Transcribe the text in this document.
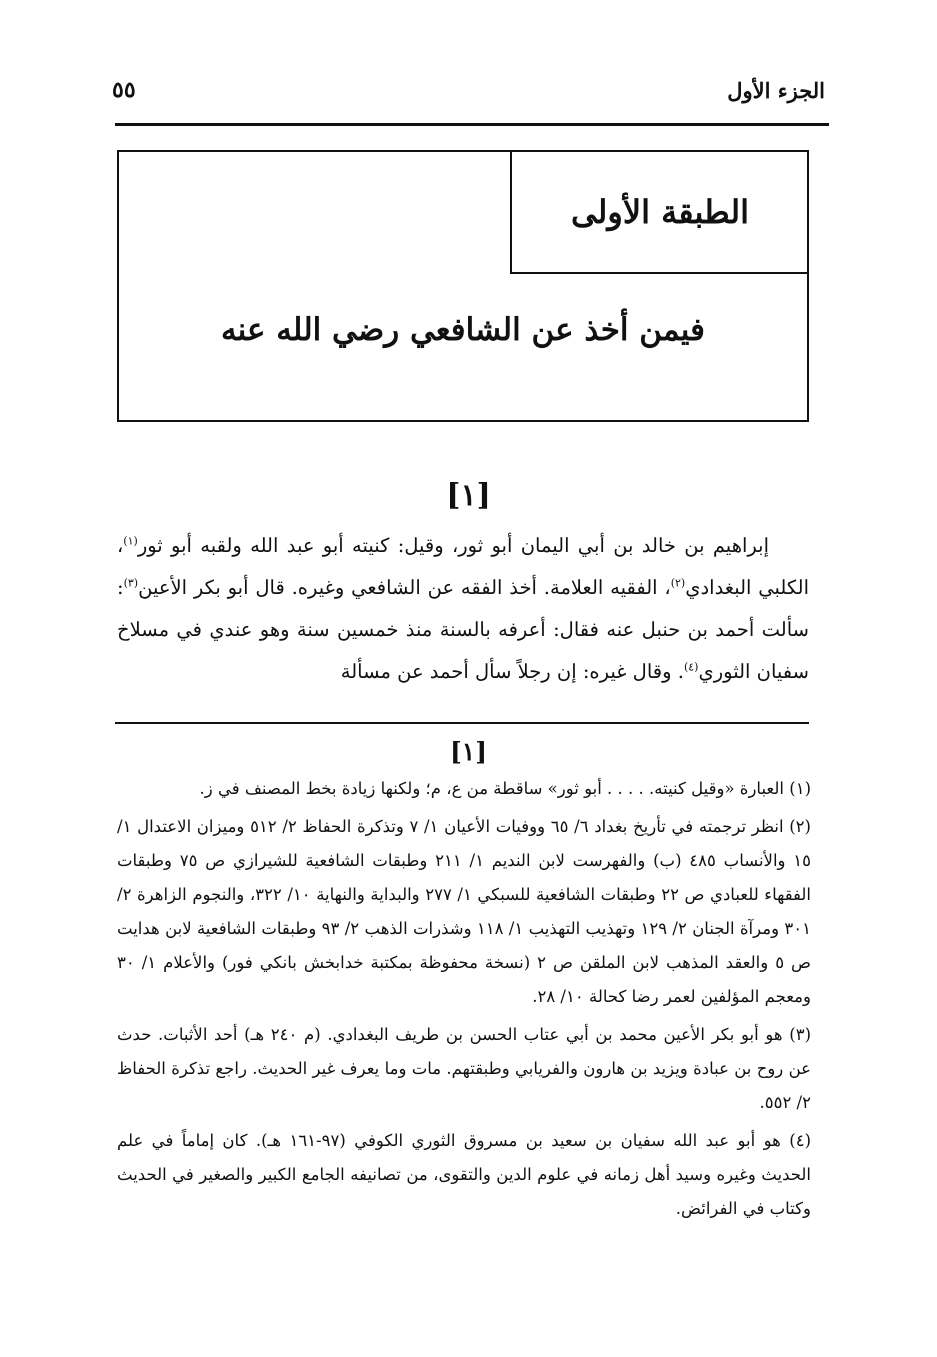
الجزء الأول
٥٥
الطبقة الأولى
فيمن أخذ عن الشافعي رضي الله عنه
[١]

إبراهيم بن خالد بن أبي اليمان أبو ثور، وقيل: كنيته أبو عبد الله ولقبه أبو ثور$^{(١)}$، الكلبي البغدادي$^{(٢)}$، الفقيه العلامة. أخذ الفقه عن الشافعي وغيره. قال أبو بكر الأعين$^{(٣)}$: سألت أحمد بن حنبل عنه فقال: أعرفه بالسنة منذ خمسين سنة وهو عندي في مسلاخ سفيان الثوري$^{(٤)}$. وقال غيره: إن رجلاً سأل أحمد عن مسألة

[١]

(١) العبارة «وقيل كنيته. . . . . أبو ثور» ساقطة من ع، م؛ ولكنها زيادة بخط المصنف في ز.

(٢) انظر ترجمته في تأريخ بغداد ٦/ ٦٥ ووفيات الأعيان ١/ ٧ وتذكرة الحفاظ ٢/ ٥١٢ وميزان الاعتدال ١/ ١٥ والأنساب ٤٨٥ (ب) والفهرست لابن النديم ١/ ٢١١ وطبقات الشافعية للشيرازي ص ٧٥ وطبقات الفقهاء للعبادي ص ٢٢ وطبقات الشافعية للسبكي ١/ ٢٧٧ والبداية والنهاية ١٠/ ٣٢٢، والنجوم الزاهرة ٢/ ٣٠١ ومرآة الجنان ٢/ ١٢٩ وتهذيب التهذيب ١/ ١١٨ وشذرات الذهب ٢/ ٩٣ وطبقات الشافعية لابن هدايت ص ٥ والعقد المذهب لابن الملقن ص ٢ (نسخة محفوظة بمكتبة خدابخش بانكي فور) والأعلام ١/ ٣٠ ومعجم المؤلفين لعمر رضا كحالة ١٠/ ٢٨.

(٣) هو أبو بكر الأعين محمد بن أبي عتاب الحسن بن طريف البغدادي. (م ٢٤٠ هـ) أحد الأثبات. حدث عن روح بن عبادة ويزيد بن هارون والفريابي وطبقتهم. مات وما يعرف غير الحديث. راجع تذكرة الحفاظ ٢/ ٥٥٢.

(٤) هو أبو عبد الله سفيان بن سعيد بن مسروق الثوري الكوفي (٩٧-١٦١ هـ). كان إماماً في علم الحديث وغيره وسيد أهل زمانه في علوم الدين والتقوى، من تصانيفه الجامع الكبير والصغير في الحديث وكتاب في الفرائض.
